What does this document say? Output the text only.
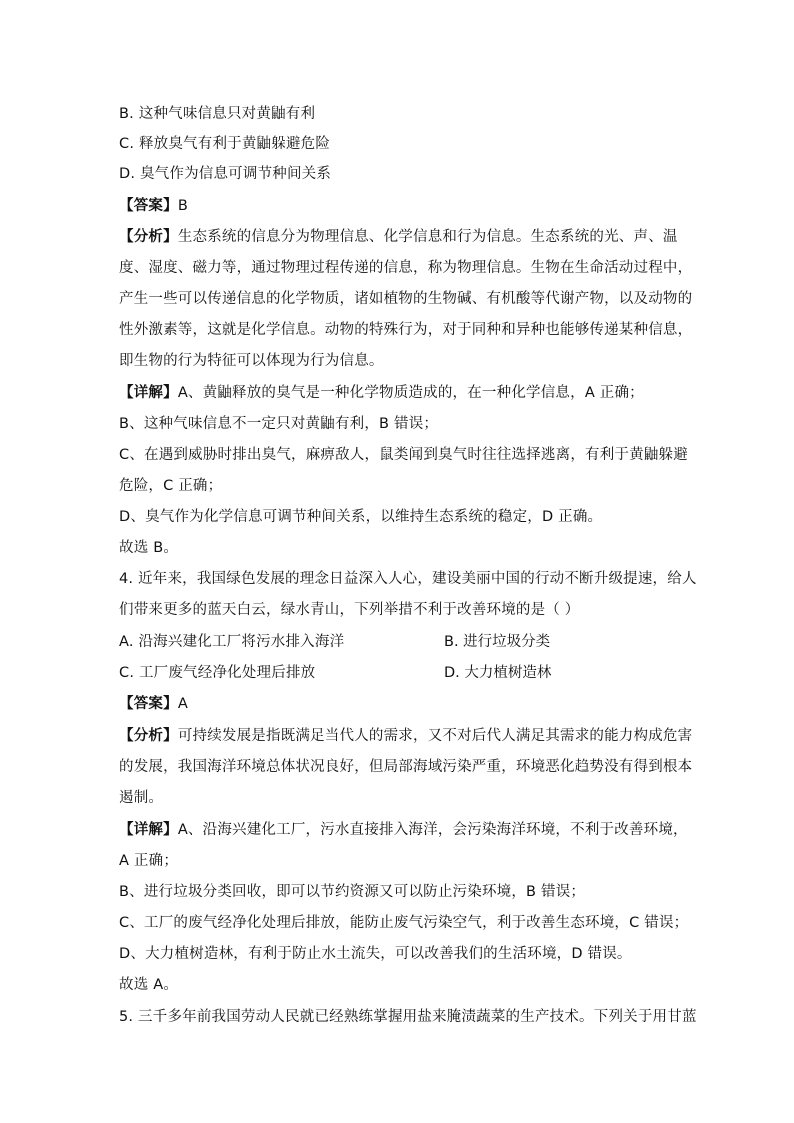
B. 这种气味信息只对黄鼬有利
C. 释放臭气有利于黄鼬躲避危险
D. 臭气作为信息可调节种间关系
【答案】B
【分析】生态系统的信息分为物理信息、化学信息和行为信息。生态系统的光、声、温
度、湿度、磁力等，通过物理过程传递的信息，称为物理信息。生物在生命活动过程中，
产生一些可以传递信息的化学物质，诸如植物的生物碱、有机酸等代谢产物，以及动物的
性外激素等，这就是化学信息。动物的特殊行为，对于同种和异种也能够传递某种信息，
即生物的行为特征可以体现为行为信息。
【详解】A、黄鼬释放的臭气是一种化学物质造成的，在一种化学信息，A 正确；
B、这种气味信息不一定只对黄鼬有利，B 错误；
C、在遇到威胁时排出臭气，麻痹敌人，鼠类闻到臭气时往往选择逃离，有利于黄鼬躲避
危险，C 正确；
D、臭气作为化学信息可调节种间关系，以维持生态系统的稳定，D 正确。
故选 B。
4. 近年来，我国绿色发展的理念日益深入人心，建设美丽中国的行动不断升级提速，给人
们带来更多的蓝天白云，绿水青山，下列举措不利于改善环境的是（ ）
A. 沿海兴建化工厂将污水排入海洋	B. 进行垃圾分类
C. 工厂废气经净化处理后排放	D. 大力植树造林
【答案】A
【分析】可持续发展是指既满足当代人的需求，又不对后代人满足其需求的能力构成危害
的发展，我国海洋环境总体状况良好，但局部海域污染严重，环境恶化趋势没有得到根本
遏制。
【详解】A、沿海兴建化工厂，污水直接排入海洋，会污染海洋环境，不利于改善环境，
A 正确；
B、进行垃圾分类回收，即可以节约资源又可以防止污染环境，B 错误；
C、工厂的废气经净化处理后排放，能防止废气污染空气，利于改善生态环境，C 错误；
D、大力植树造林，有利于防止水土流失，可以改善我们的生活环境，D 错误。
故选 A。
5. 三千多年前我国劳动人民就已经熟练掌握用盐来腌渍蔬菜的生产技术。下列关于用甘蓝
